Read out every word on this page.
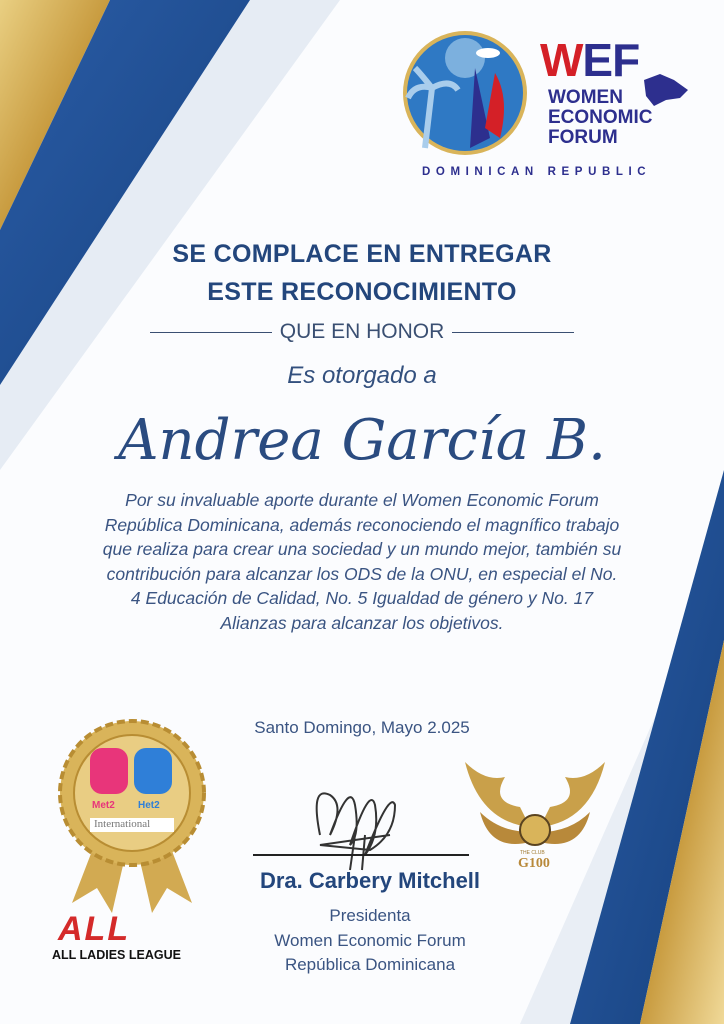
WEF
WOMEN
ECONOMIC
FORUM
DOMINICAN REPUBLIC
SE COMPLACE EN ENTREGAR
ESTE RECONOCIMIENTO
QUE EN HONOR
Es otorgado a
Andrea García B.
Por su invaluable aporte durante el Women Economic Forum República Dominicana, además reconociendo el magnífico trabajo que realiza para crear una sociedad y un mundo mejor, también su contribución para alcanzar los ODS de la ONU, en especial el No. 4 Educación de Calidad, No. 5 Igualdad de género y No. 17 Alianzas para alcanzar los objetivos.
Santo Domingo, Mayo 2.025
Dra. Carbery Mitchell
Presidenta
Women Economic Forum
República Dominicana
Met2 Het2
International
ALL
ALL LADIES LEAGUE
THE CLUB
G100
